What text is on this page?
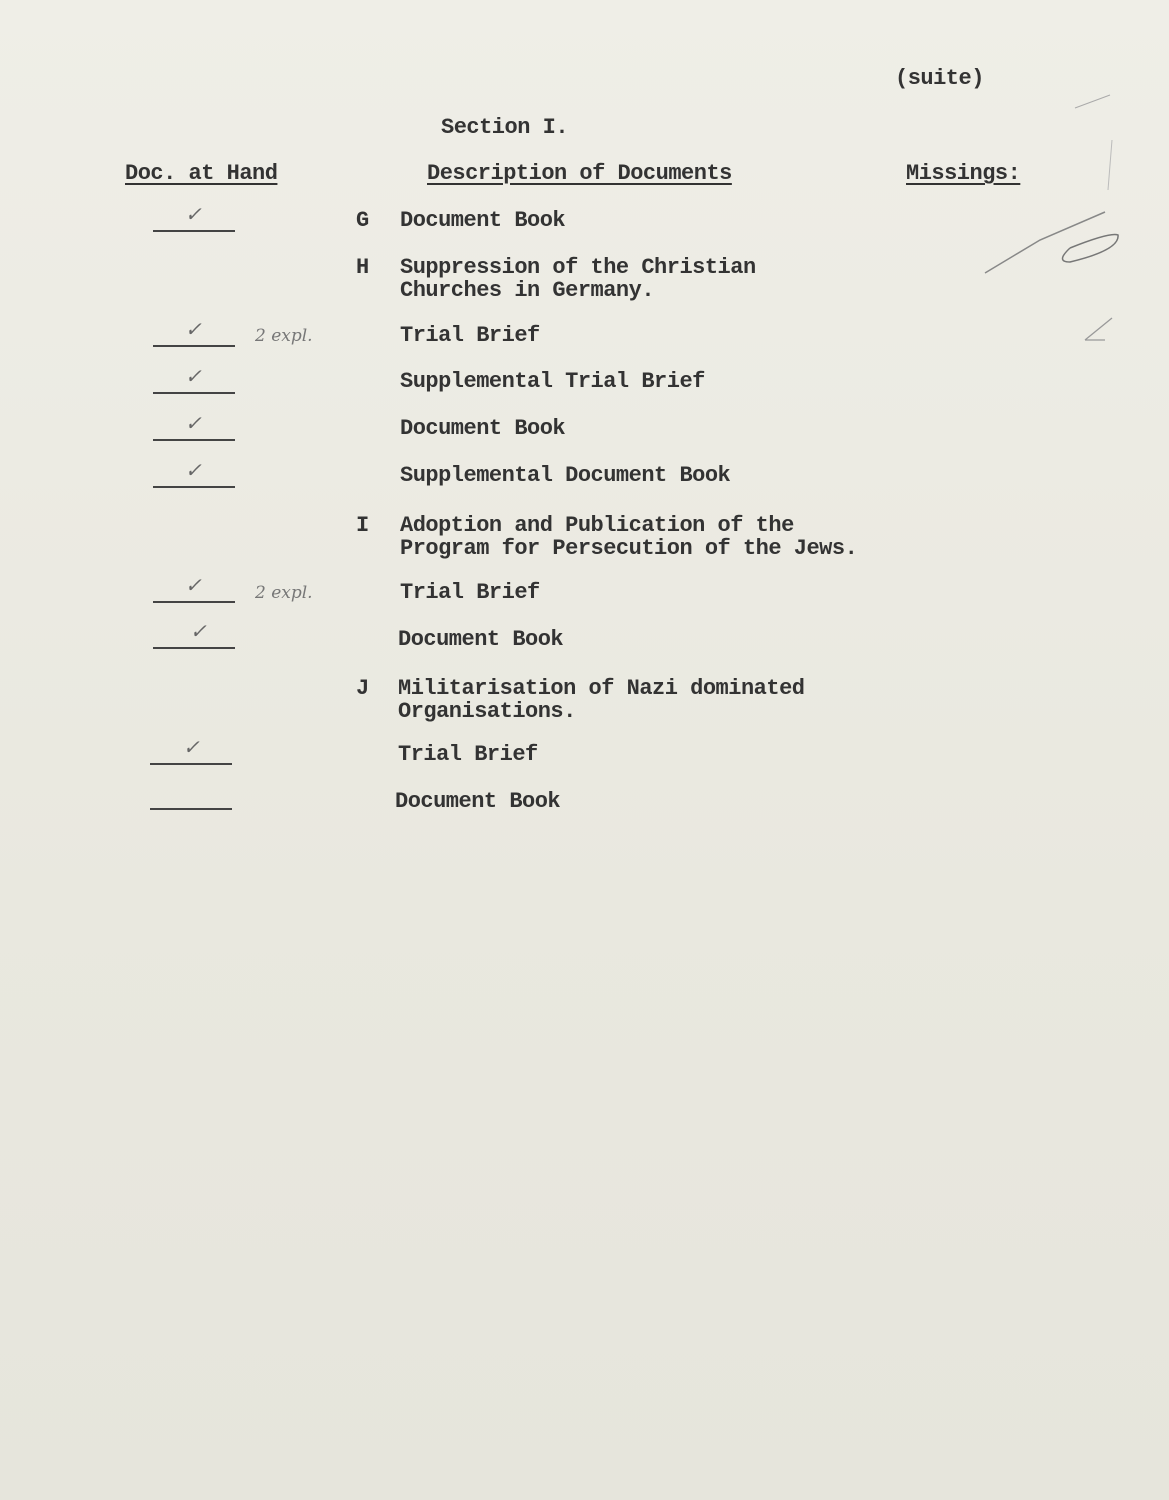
(suite)
Section I.
Doc. at Hand	Description of Documents	Missings:
✓	G Document Book
H Suppression of the Christian
Churches in Germany.
✓	2 expl.	Trial Brief
✓	Supplemental Trial Brief
✓	Document Book
✓	Supplemental Document Book
I Adoption and Publication of the
Program for Persecution of the Jews.
✓	2 expl.	Trial Brief
✓	Document Book
J Militarisation of Nazi dominated
Organisations.
✓	Trial Brief
Document Book
